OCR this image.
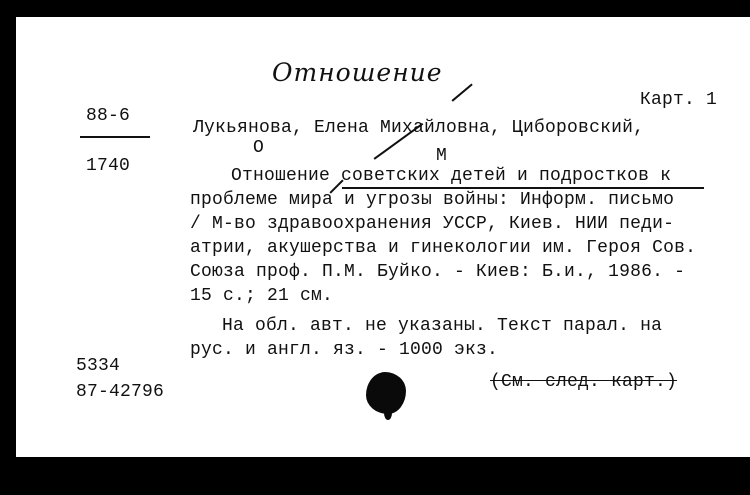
Отношение
Карт. 1
88-6
1740
Лукьянова, Елена Михайловна, Циборовский,
O	M
Отношение советских детей и подростков к
проблеме мира и угрозы войны: Информ. письмо
/ М-во здравоохранения УССР, Киев. НИИ педи-
атрии, акушерства и гинекологии им. Героя Сов.
Союза проф. П.М. Буйко. - Киев: Б.и., 1986. -
15 с.; 21 см.
На обл. авт. не указаны. Текст парал. на
рус. и англ. яз. - 1000 экз.
5334
87-42796	(См. след. карт.)
